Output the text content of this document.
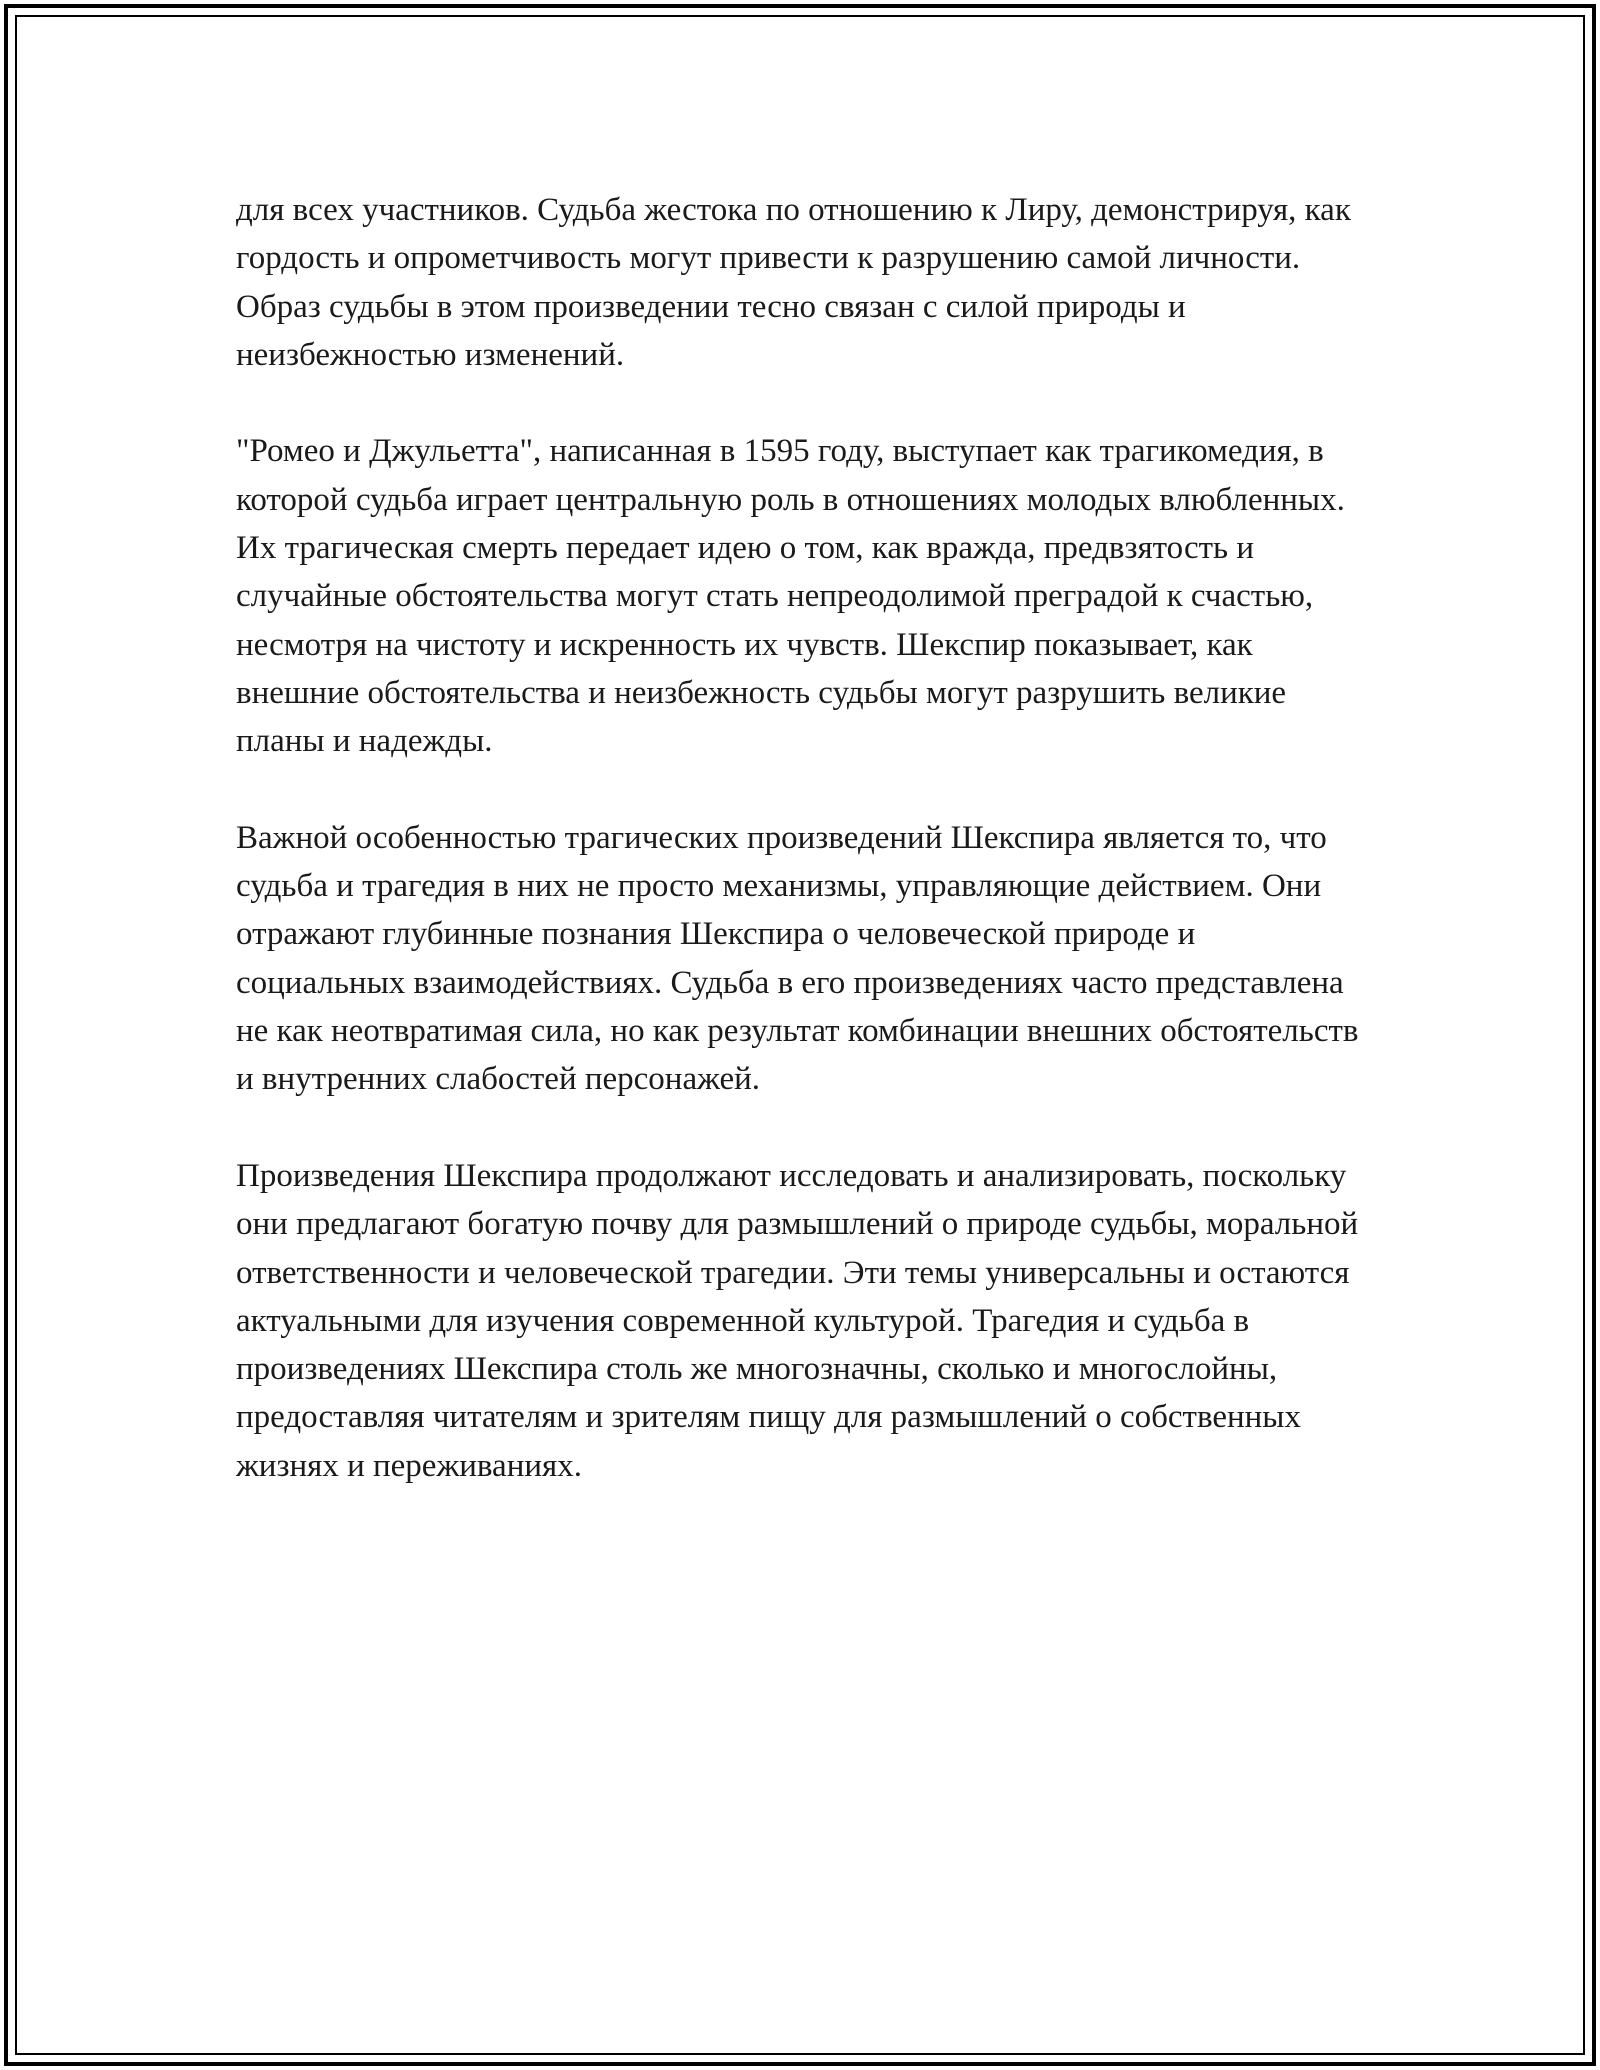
для всех участников. Судьба жестока по отношению к Лиру, демонстрируя, как гордость и опрометчивость могут привести к разрушению самой личности. Образ судьбы в этом произведении тесно связан с силой природы и неизбежностью изменений.

"Ромео и Джульетта", написанная в 1595 году, выступает как трагикомедия, в которой судьба играет центральную роль в отношениях молодых влюбленных. Их трагическая смерть передает идею о том, как вражда, предвзятость и случайные обстоятельства могут стать непреодолимой преградой к счастью, несмотря на чистоту и искренность их чувств. Шекспир показывает, как внешние обстоятельства и неизбежность судьбы могут разрушить великие планы и надежды.

Важной особенностью трагических произведений Шекспира является то, что судьба и трагедия в них не просто механизмы, управляющие действием. Они отражают глубинные познания Шекспира о человеческой природе и социальных взаимодействиях. Судьба в его произведениях часто представлена не как неотвратимая сила, но как результат комбинации внешних обстоятельств и внутренних слабостей персонажей.

Произведения Шекспира продолжают исследовать и анализировать, поскольку они предлагают богатую почву для размышлений о природе судьбы, моральной ответственности и человеческой трагедии. Эти темы универсальны и остаются актуальными для изучения современной культурой. Трагедия и судьба в произведениях Шекспира столь же многозначны, сколько и многослойны, предоставляя читателям и зрителям пищу для размышлений о собственных жизнях и переживаниях.
